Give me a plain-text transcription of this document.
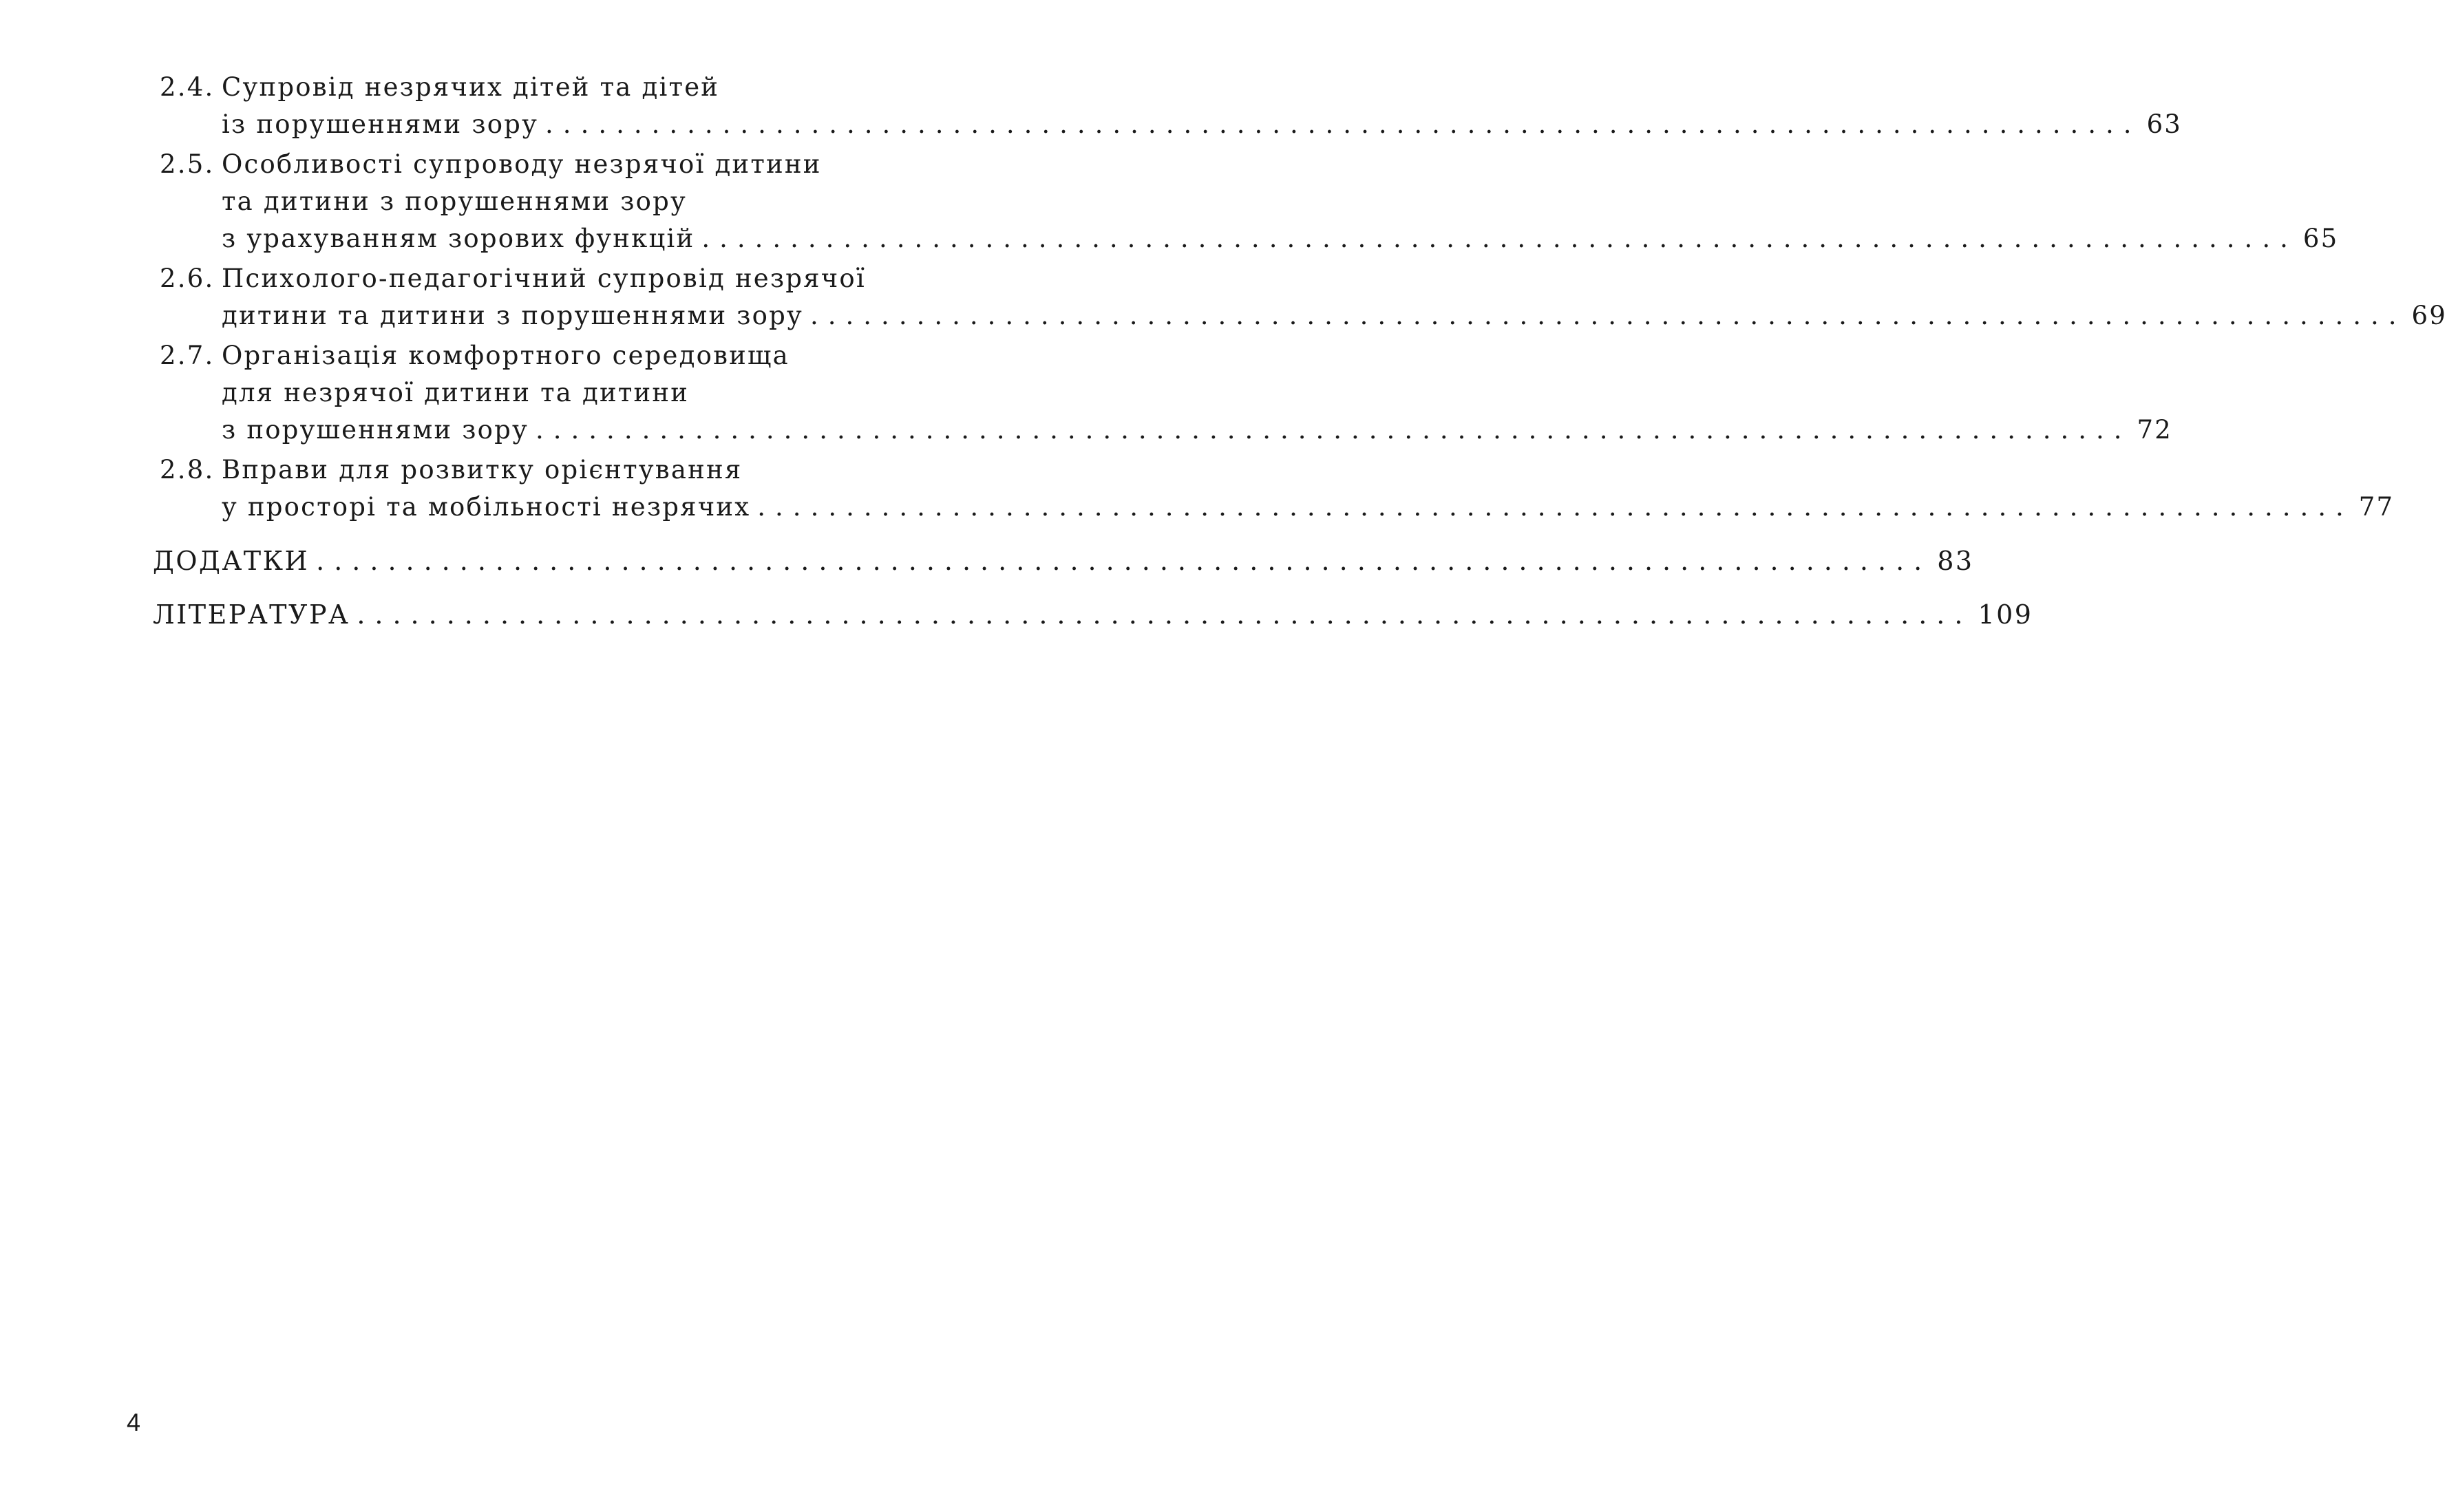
2.4. Супровід незрячих дітей та дітей
із порушеннями зору .......................................................................................... 63
2.5. Особливості супроводу незрячої дитини
та дитини з порушеннями зору
з урахуванням зорових функцій .......................................................................................... 65
2.6. Психолого-педагогічний супровід незрячої
дитини та дитини з порушеннями зору .......................................................................................... 69
2.7. Організація комфортного середовища
для незрячої дитини та дитини
з порушеннями зору .......................................................................................... 72
2.8. Вправи для розвитку орієнтування
у просторі та мобільності незрячих .......................................................................................... 77
ДОДАТКИ .......................................................................................... 83
ЛІТЕРАТУРА .......................................................................................... 109
4
